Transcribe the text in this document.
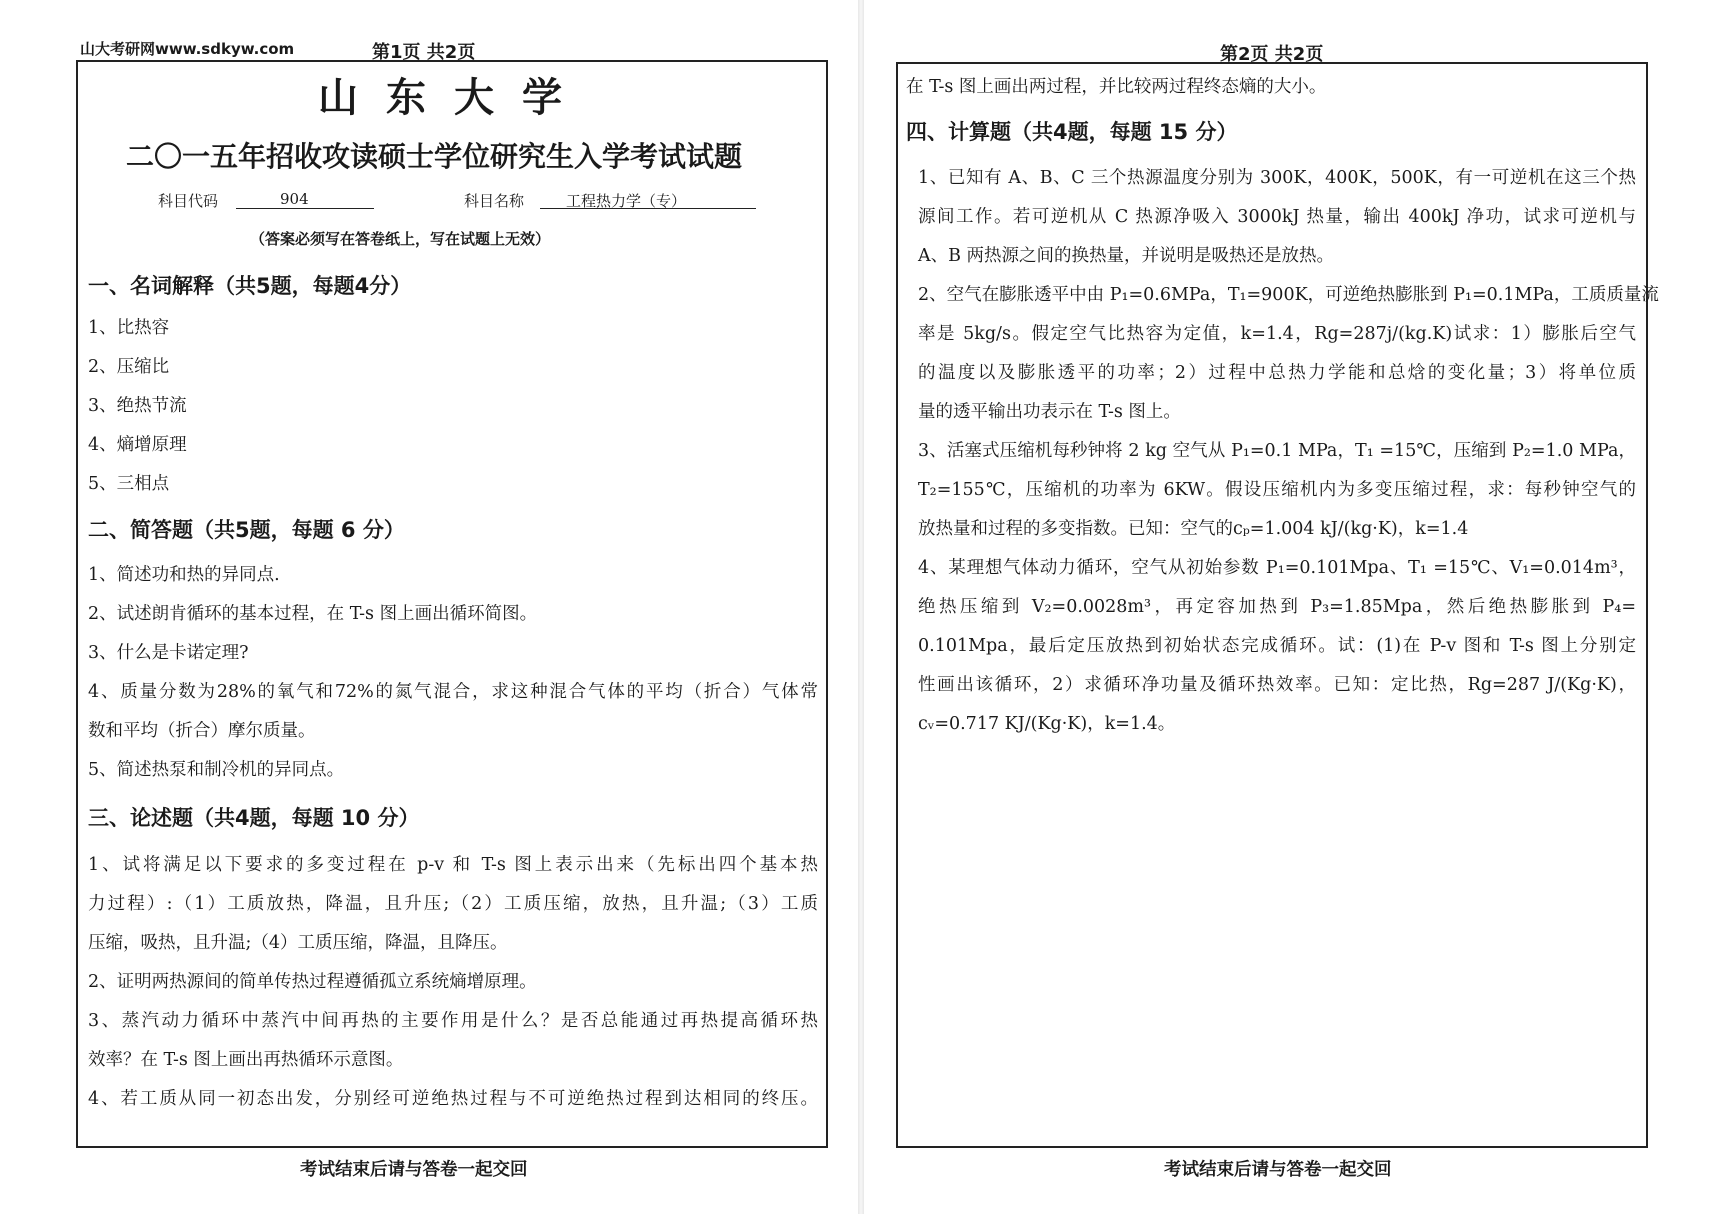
山大考研网www.sdkyw.com	第1页 共2页
山东大学
二〇一五年招收攻读硕士学位研究生入学考试试题
科目代码	904	科目名称	工程热力学（专）
（答案必须写在答卷纸上，写在试题上无效）
一、名词解释（共5题，每题4分）
1、比热容
2、压缩比
3、绝热节流
4、熵增原理
5、三相点
二、简答题（共5题，每题 6 分）
1、简述功和热的异同点.
2、试述朗肯循环的基本过程，在 T-s 图上画出循环简图。
3、什么是卡诺定理?
4、质量分数为28%的氧气和72%的氮气混合，求这种混合气体的平均（折合）气体常
数和平均（折合）摩尔质量。
5、简述热泵和制冷机的异同点。
三、论述题（共4题，每题 10 分）
1、试将满足以下要求的多变过程在 p-v 和 T-s 图上表示出来（先标出四个基本热
力过程）:（1）工质放热，降温，且升压;（2）工质压缩，放热，且升温;（3）工质
压缩，吸热，且升温;（4）工质压缩，降温，且降压。
2、证明两热源间的简单传热过程遵循孤立系统熵增原理。
3、蒸汽动力循环中蒸汽中间再热的主要作用是什么？是否总能通过再热提高循环热
效率？在 T-s 图上画出再热循环示意图。
4、若工质从同一初态出发，分别经可逆绝热过程与不可逆绝热过程到达相同的终压。
考试结束后请与答卷一起交回
第2页 共2页
在 T-s 图上画出两过程，并比较两过程终态熵的大小。
四、计算题（共4题，每题 15 分）
1、已知有 A、B、C 三个热源温度分别为 300K，400K，500K，有一可逆机在这三个热
源间工作。若可逆机从 C 热源净吸入 3000kJ 热量，输出 400kJ 净功，试求可逆机与
A、B 两热源之间的换热量，并说明是吸热还是放热。
2、空气在膨胀透平中由 P₁=0.6MPa，T₁=900K，可逆绝热膨胀到 P₁=0.1MPa，工质质量流
率是 5kg/s。假定空气比热容为定值，k=1.4，Rg=287j/(kg.K)试求：1）膨胀后空气
的温度以及膨胀透平的功率；2）过程中总热力学能和总焓的变化量；3）将单位质
量的透平输出功表示在 T-s 图上。
3、活塞式压缩机每秒钟将 2 kg 空气从 P₁=0.1 MPa，T₁ =15℃，压缩到 P₂=1.0 MPa，
T₂=155℃，压缩机的功率为 6KW。假设压缩机内为多变压缩过程，求：每秒钟空气的
放热量和过程的多变指数。已知：空气的cₚ=1.004 kJ/(kg·K)，k=1.4
4、某理想气体动力循环，空气从初始参数 P₁=0.101Mpa、T₁ =15℃、V₁=0.014m³，
绝热压缩到 V₂=0.0028m³，再定容加热到 P₃=1.85Mpa，然后绝热膨胀到 P₄=
0.101Mpa，最后定压放热到初始状态完成循环。试：(1)在 P-v 图和 T-s 图上分别定
性画出该循环，2）求循环净功量及循环热效率。已知：定比热，Rg=287 J/(Kg·K)，
cᵥ=0.717 KJ/(Kg·K)，k=1.4。
考试结束后请与答卷一起交回
